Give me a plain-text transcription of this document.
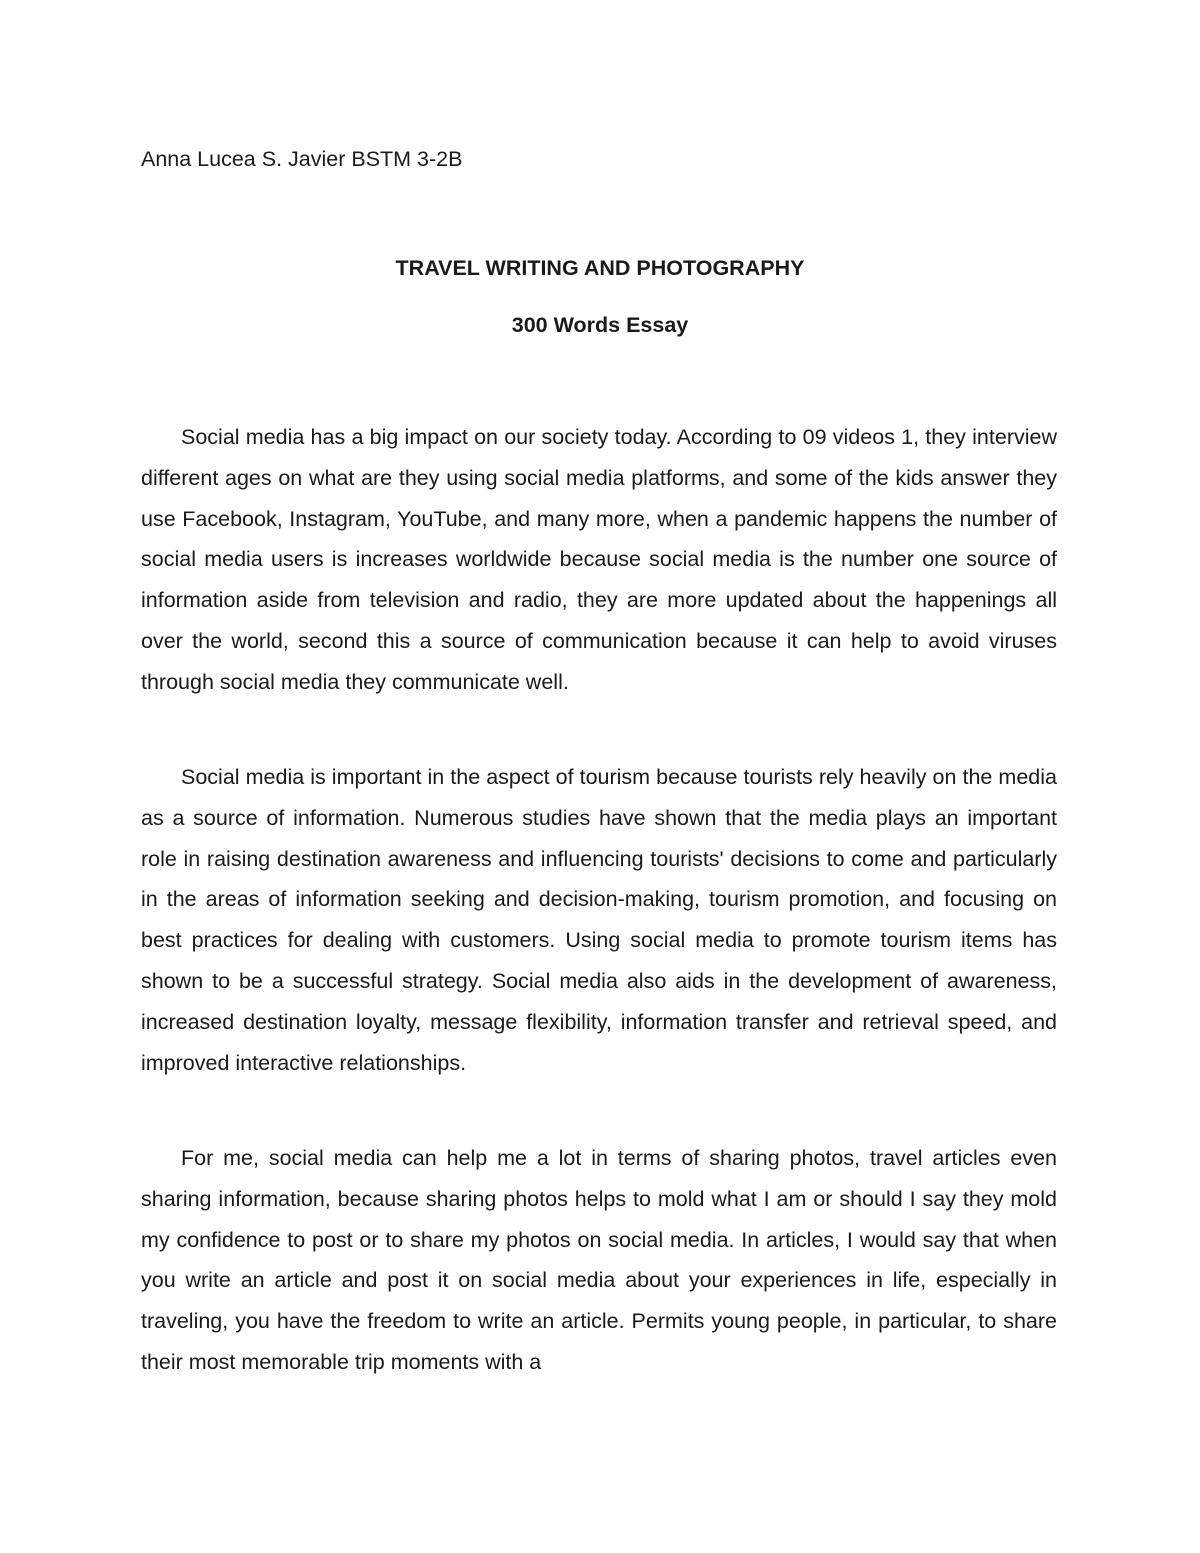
Anna Lucea S. Javier BSTM 3-2B
TRAVEL WRITING AND PHOTOGRAPHY
300 Words Essay

Social media has a big impact on our society today. According to 09 videos 1, they interview different ages on what are they using social media platforms, and some of the kids answer they use Facebook, Instagram, YouTube, and many more, when a pandemic happens the number of social media users is increases worldwide because social media is the number one source of information aside from television and radio, they are more updated about the happenings all over the world, second this a source of communication because it can help to avoid viruses through social media they communicate well.

Social media is important in the aspect of tourism because tourists rely heavily on the media as a source of information. Numerous studies have shown that the media plays an important role in raising destination awareness and influencing tourists' decisions to come and particularly in the areas of information seeking and decision-making, tourism promotion, and focusing on best practices for dealing with customers. Using social media to promote tourism items has shown to be a successful strategy. Social media also aids in the development of awareness, increased destination loyalty, message flexibility, information transfer and retrieval speed, and improved interactive relationships.

For me, social media can help me a lot in terms of sharing photos, travel articles even sharing information, because sharing photos helps to mold what I am or should I say they mold my confidence to post or to share my photos on social media. In articles, I would say that when you write an article and post it on social media about your experiences in life, especially in traveling, you have the freedom to write an article. Permits young people, in particular, to share their most memorable trip moments with a
